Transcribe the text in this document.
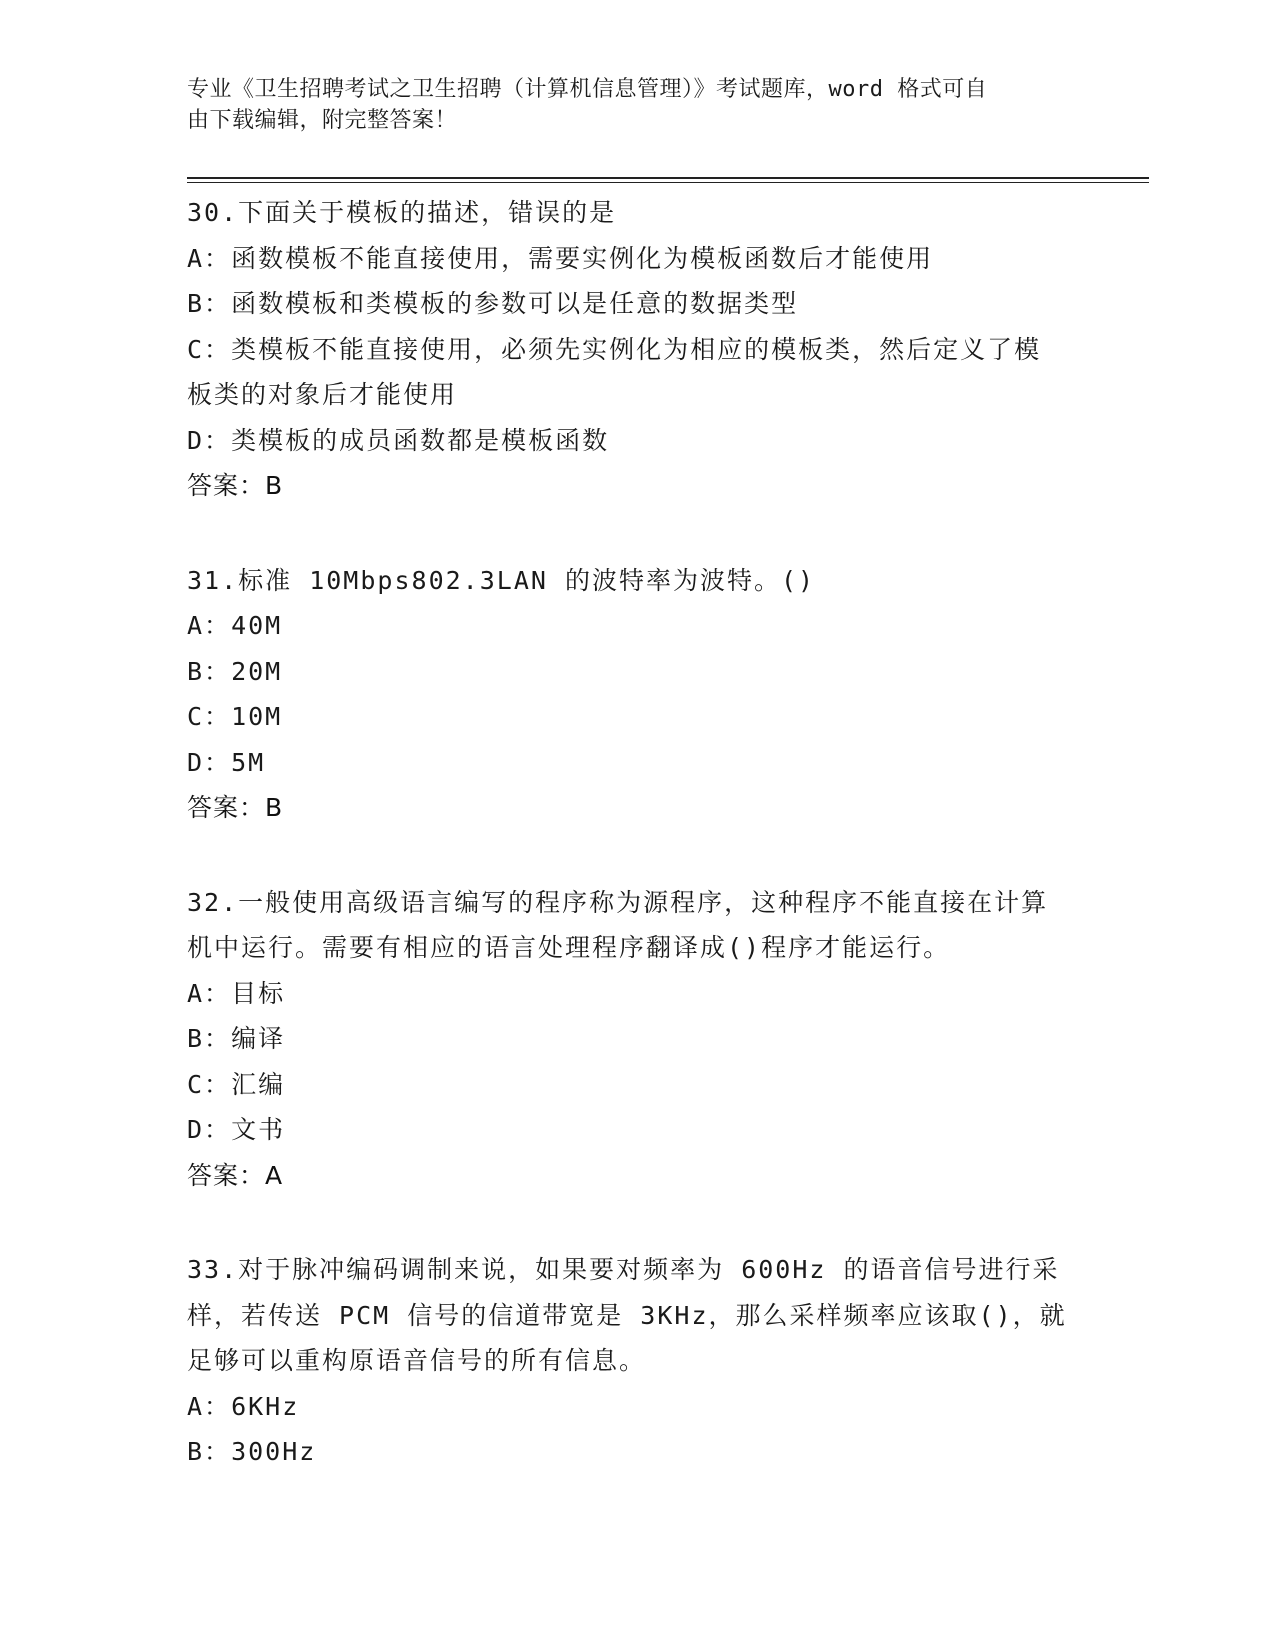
专业《卫生招聘考试之卫生招聘（计算机信息管理）》考试题库，word 格式可自
由下载编辑，附完整答案！
30.下面关于模板的描述，错误的是
A：函数模板不能直接使用，需要实例化为模板函数后才能使用
B：函数模板和类模板的参数可以是任意的数据类型
C：类模板不能直接使用，必须先实例化为相应的模板类，然后定义了模板类的对象后才能使用
D：类模板的成员函数都是模板函数
答案：B
31.标准 10Mbps802.3LAN 的波特率为波特。()
A：40M
B：20M
C：10M
D：5M
答案：B
32.一般使用高级语言编写的程序称为源程序，这种程序不能直接在计算机中运行。需要有相应的语言处理程序翻译成()程序才能运行。
A：目标
B：编译
C：汇编
D：文书
答案：A
33.对于脉冲编码调制来说，如果要对频率为 600Hz 的语音信号进行采样，若传送 PCM 信号的信道带宽是 3KHz，那么采样频率应该取()，就足够可以重构原语音信号的所有信息。
A：6KHz
B：300Hz
